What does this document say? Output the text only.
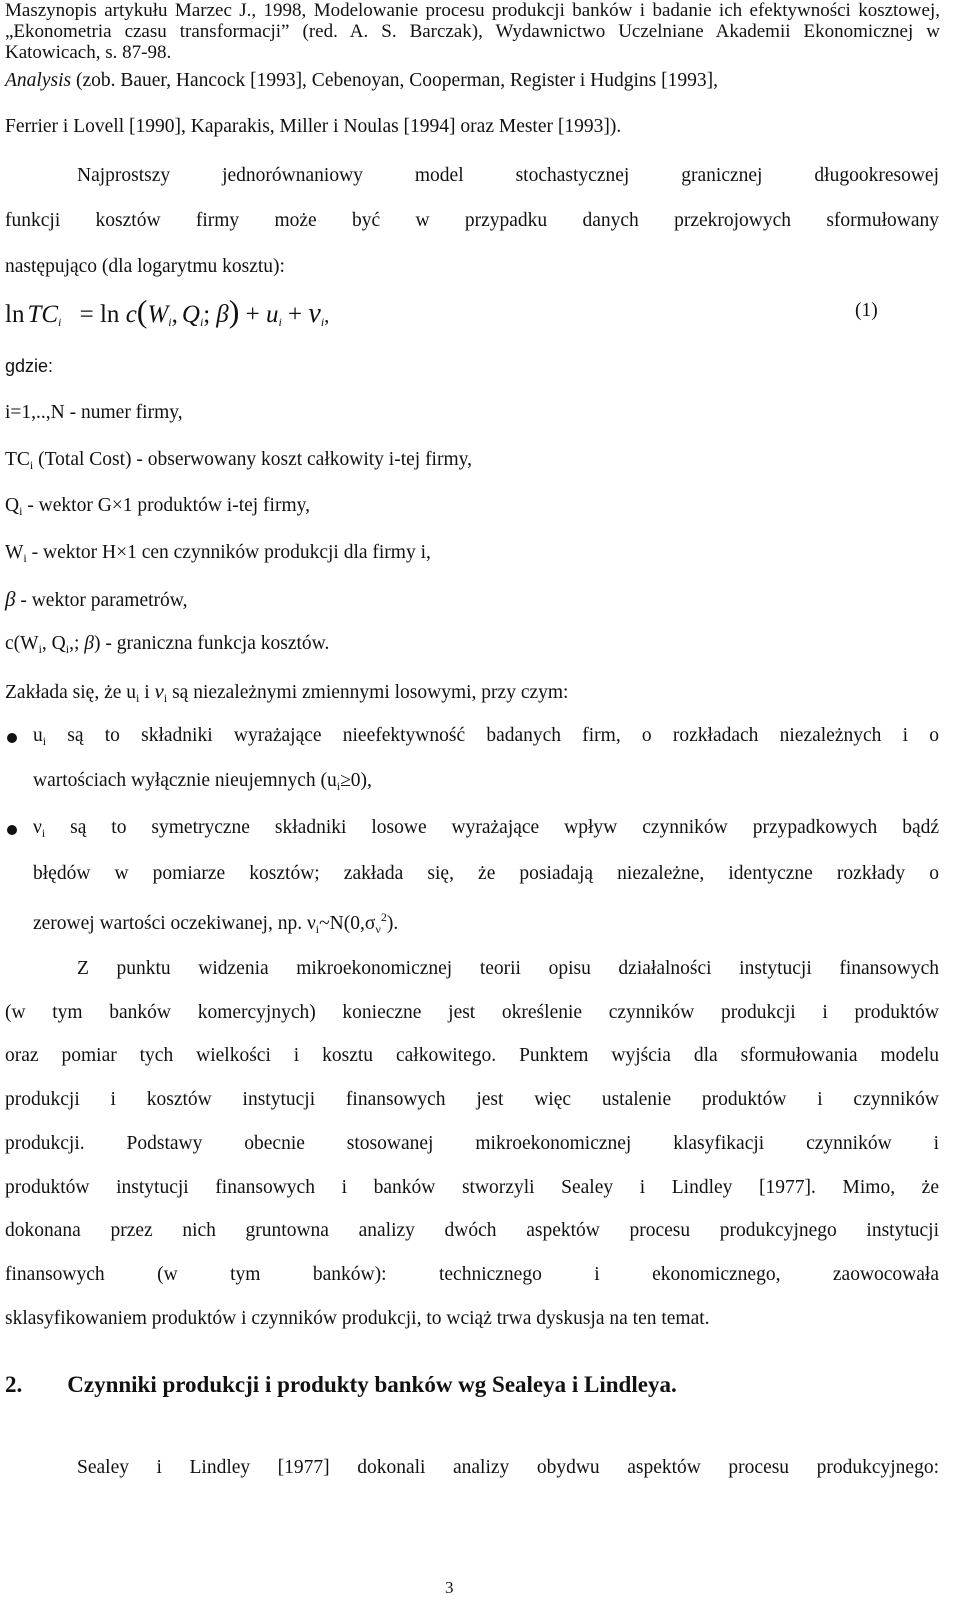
Maszynopis artykułu Marzec J., 1998, Modelowanie procesu produkcji banków i badanie ich efektywności kosztowej, „Ekonometria czasu transformacji” (red. A. S. Barczak), Wydawnictwo Uczelniane Akademii Ekonomicznej w Katowicach, s. 87-98.
Analysis (zob. Bauer, Hancock [1993], Cebenoyan, Cooperman, Register i Hudgins [1993],
Ferrier i Lovell [1990], Kaparakis, Miller i Noulas [1994] oraz Mester [1993]).
Najprostszy jednorównaniowy model stochastycznej granicznej długookresowej
funkcji kosztów firmy może być w przypadku danych przekrojowych sformułowany
następująco (dla logarytmu kosztu):
$\ln TC_i = \ln c(W_i$, $Q_i$; $\beta) + u_i + \nu_i$,	(1)
gdzie:
i=1,..,N - numer firmy,
$TC_i$ (Total Cost) - obserwowany koszt całkowity i-tej firmy,
$Q_i$ - wektor G×1 produktów i-tej firmy,
$W_i$ - wektor H×1 cen czynników produkcji dla firmy i,
β - wektor parametrów,
$c(W_i$, $Q_i$,; β) - graniczna funkcja kosztów.
Zakłada się, że $u_i$ i $\nu_i$ są niezależnymi zmiennymi losowymi, przy czym:
$u_i$ są to składniki wyrażające nieefektywność badanych firm, o rozkładach niezależnych i o
wartościach wyłącznie nieujemnych $(u_i\ge 0)$,
$\nu_i$ są to symetryczne składniki losowe wyrażające wpływ czynników przypadkowych bądź
błędów w pomiarze kosztów; zakłada się, że posiadają niezależne, identyczne rozkłady o
zerowej wartości oczekiwanej, np. $\nu_i\sim N(0,\sigma_\nu^2)$.
Z punktu widzenia mikroekonomicznej teorii opisu działalności instytucji finansowych
(w tym banków komercyjnych) konieczne jest określenie czynników produkcji i produktów
oraz pomiar tych wielkości i kosztu całkowitego. Punktem wyjścia dla sformułowania modelu
produkcji i kosztów instytucji finansowych jest więc ustalenie produktów i czynników
produkcji. Podstawy obecnie stosowanej mikroekonomicznej klasyfikacji czynników i
produktów instytucji finansowych i banków stworzyli Sealey i Lindley [1977]. Mimo, że
dokonana przez nich gruntowna analizy dwóch aspektów procesu produkcyjnego instytucji
finansowych (w tym banków): technicznego i ekonomicznego, zaowocowała
sklasyfikowaniem produktów i czynników produkcji, to wciąż trwa dyskusja na ten temat.
2. Czynniki produkcji i produkty banków wg Sealeya i Lindleya.
Sealey i Lindley [1977] dokonali analizy obydwu aspektów procesu produkcyjnego:
3
